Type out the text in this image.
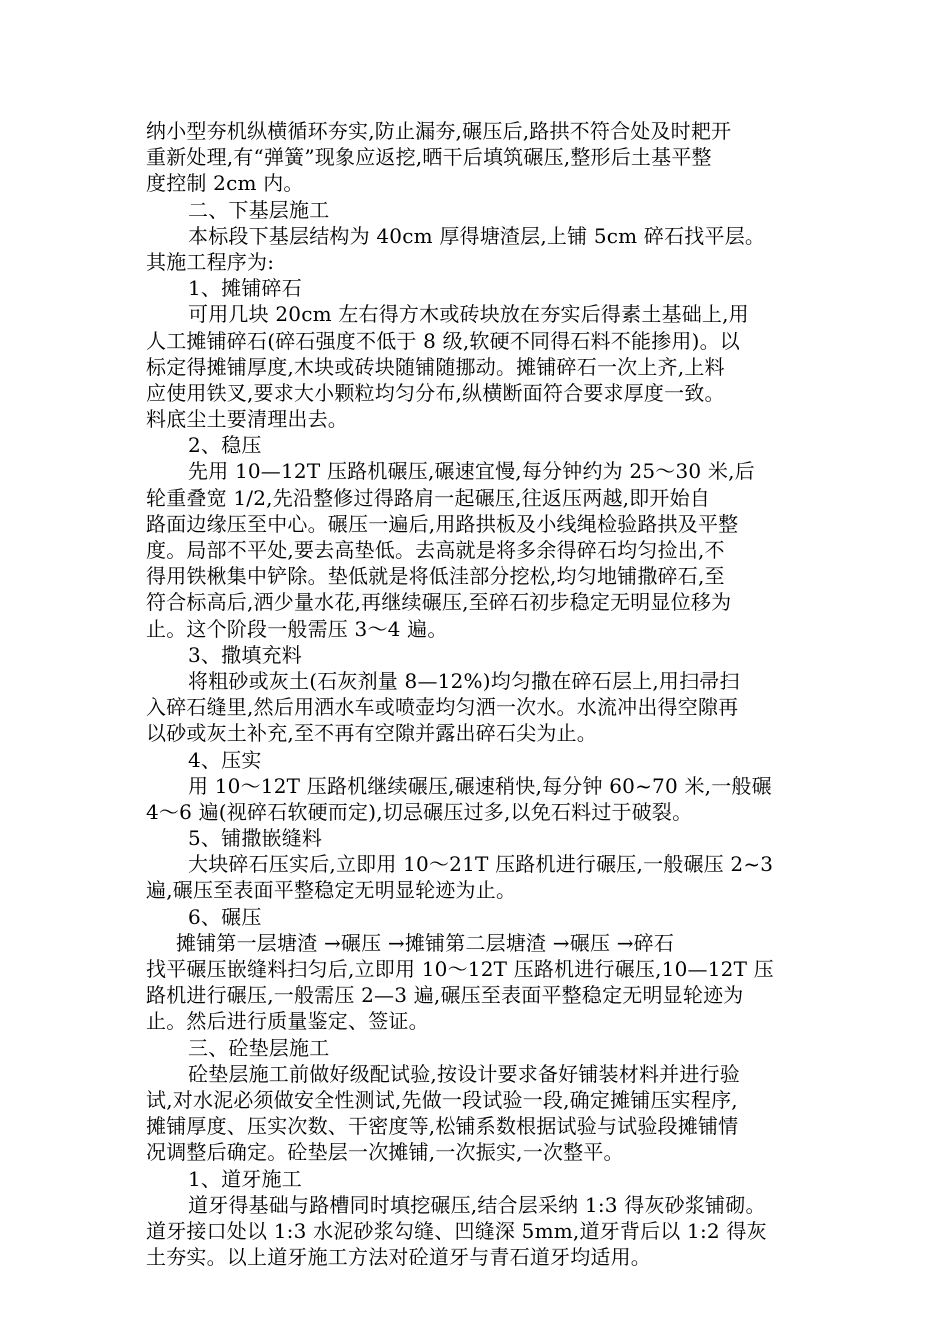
纳小型夯机纵横循环夯实,防止漏夯,碾压后,路拱不符合处及时耙开
重新处理,有“弹簧”现象应返挖,晒干后填筑碾压,整形后土基平整
度控制 2cm 内。
二、下基层施工
本标段下基层结构为 40cm 厚得塘渣层,上铺 5cm 碎石找平层。
其施工程序为:
1、摊铺碎石
可用几块 20cm 左右得方木或砖块放在夯实后得素土基础上,用
人工摊铺碎石(碎石强度不低于 8 级,软硬不同得石料不能掺用)。以
标定得摊铺厚度,木块或砖块随铺随挪动。摊铺碎石一次上齐,上料
应使用铁叉,要求大小颗粒均匀分布,纵横断面符合要求厚度一致。
料底尘土要清理出去。
2、稳压
先用 10—12T 压路机碾压,碾速宜慢,每分钟约为 25～30 米,后
轮重叠宽 1/2,先沿整修过得路肩一起碾压,往返压两越,即开始自
路面边缘压至中心。碾压一遍后,用路拱板及小线绳检验路拱及平整
度。局部不平处,要去高垫低。去高就是将多余得碎石均匀捡出,不
得用铁楸集中铲除。垫低就是将低洼部分挖松,均匀地铺撒碎石,至
符合标高后,洒少量水花,再继续碾压,至碎石初步稳定无明显位移为
止。这个阶段一般需压 3～4 遍。
3、撒填充料
将粗砂或灰土(石灰剂量 8—12%)均匀撒在碎石层上,用扫帚扫
入碎石缝里,然后用洒水车或喷壶均匀洒一次水。水流冲出得空隙再
以砂或灰土补充,至不再有空隙并露出碎石尖为止。
4、压实
用 10～12T 压路机继续碾压,碾速稍快,每分钟 60~70 米,一般碾
4～6 遍(视碎石软硬而定),切忌碾压过多,以免石料过于破裂。
5、铺撒嵌缝料
大块碎石压实后,立即用 10～21T 压路机进行碾压,一般碾压 2~3
遍,碾压至表面平整稳定无明显轮迹为止。
6、碾压
摊铺第一层塘渣 →碾压 →摊铺第二层塘渣 →碾压 →碎石
找平碾压嵌缝料扫匀后,立即用 10～12T 压路机进行碾压,10—12T 压
路机进行碾压,一般需压 2—3 遍,碾压至表面平整稳定无明显轮迹为
止。然后进行质量鉴定、签证。
三、砼垫层施工
砼垫层施工前做好级配试验,按设计要求备好铺装材料并进行验
试,对水泥必须做安全性测试,先做一段试验一段,确定摊铺压实程序,
摊铺厚度、压实次数、干密度等,松铺系数根据试验与试验段摊铺情
况调整后确定。砼垫层一次摊铺,一次振实,一次整平。
1、道牙施工
道牙得基础与路槽同时填挖碾压,结合层采纳 1:3 得灰砂浆铺砌。
道牙接口处以 1:3 水泥砂浆勾缝、凹缝深 5mm,道牙背后以 1:2 得灰
土夯实。以上道牙施工方法对砼道牙与青石道牙均适用。
